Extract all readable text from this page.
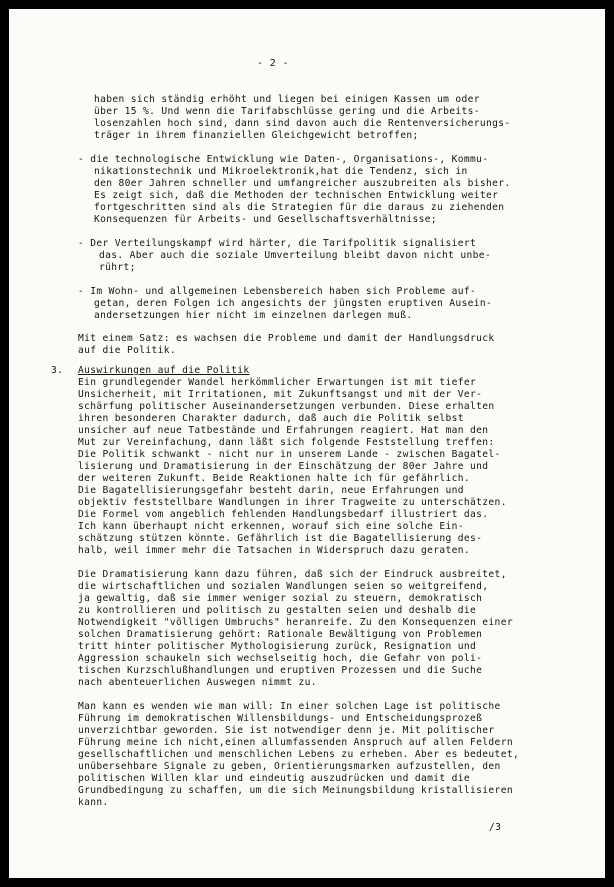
- 2 -
haben sich ständig erhöht und liegen bei einigen Kassen um oder
über 15 %. Und wenn die Tarifabschlüsse gering und die Arbeits-
losenzahlen hoch sind, dann sind davon auch die Rentenversicherungs-
träger in ihrem finanziellen Gleichgewicht betroffen;
- die technologische Entwicklung wie Daten-, Organisations-, Kommu-
nikationstechnik und Mikroelektronik,hat die Tendenz, sich in
den 80er Jahren schneller und umfangreicher auszubreiten als bisher.
Es zeigt sich, daß die Methoden der technischen Entwicklung weiter
fortgeschritten sind als die Strategien für die daraus zu ziehenden
Konsequenzen für Arbeits- und Gesellschaftsverhältnisse;
- Der Verteilungskampf wird härter, die Tarifpolitik signalisiert
das. Aber auch die soziale Umverteilung bleibt davon nicht unbe-
rührt;
- Im Wohn- und allgemeinen Lebensbereich haben sich Probleme auf-
getan, deren Folgen ich angesichts der jüngsten eruptiven Ausein-
andersetzungen hier nicht im einzelnen darlegen muß.
Mit einem Satz: es wachsen die Probleme und damit der Handlungsdruck
auf die Politik.
3. Auswirkungen auf die Politik
Ein grundlegender Wandel herkömmlicher Erwartungen ist mit tiefer
Unsicherheit, mit Irritationen, mit Zukunftsangst und mit der Ver-
schärfung politischer Auseinandersetzungen verbunden. Diese erhalten
ihren besonderen Charakter dadurch, daß auch die Politik selbst
unsicher auf neue Tatbestände und Erfahrungen reagiert. Hat man den
Mut zur Vereinfachung, dann läßt sich folgende Feststellung treffen:
Die Politik schwankt - nicht nur in unserem Lande - zwischen Bagatel-
lisierung und Dramatisierung in der Einschätzung der 80er Jahre und
der weiteren Zukunft. Beide Reaktionen halte ich für gefährlich.
Die Bagatellisierungsgefahr besteht darin, neue Erfahrungen und
objektiv feststellbare Wandlungen in ihrer Tragweite zu unterschätzen.
Die Formel vom angeblich fehlenden Handlungsbedarf illustriert das.
Ich kann überhaupt nicht erkennen, worauf sich eine solche Ein-
schätzung stützen könnte. Gefährlich ist die Bagatellisierung des-
halb, weil immer mehr die Tatsachen in Widerspruch dazu geraten.
Die Dramatisierung kann dazu führen, daß sich der Eindruck ausbreitet,
die wirtschaftlichen und sozialen Wandlungen seien so weitgreifend,
ja gewaltig, daß sie immer weniger sozial zu steuern, demokratisch
zu kontrollieren und politisch zu gestalten seien und deshalb die
Notwendigkeit "völligen Umbruchs" heranreife. Zu den Konsequenzen einer
solchen Dramatisierung gehört: Rationale Bewältigung von Problemen
tritt hinter politischer Mythologisierung zurück, Resignation und
Aggression schaukeln sich wechselseitig hoch, die Gefahr von poli-
tischen Kurzschlußhandlungen und eruptiven Prozessen und die Suche
nach abenteuerlichen Auswegen nimmt zu.
Man kann es wenden wie man will: In einer solchen Lage ist politische
Führung im demokratischen Willensbildungs- und Entscheidungsprozeß
unverzichtbar geworden. Sie ist notwendiger denn je. Mit politischer
Führung meine ich nicht,einen allumfassenden Anspruch auf allen Feldern
gesellschaftlichen und menschlichen Lebens zu erheben. Aber es bedeutet,
unübersehbare Signale zu geben, Orientierungsmarken aufzustellen, den
politischen Willen klar und eindeutig auszudrücken und damit die
Grundbedingung zu schaffen, um die sich Meinungsbildung kristallisieren
kann.
/3
